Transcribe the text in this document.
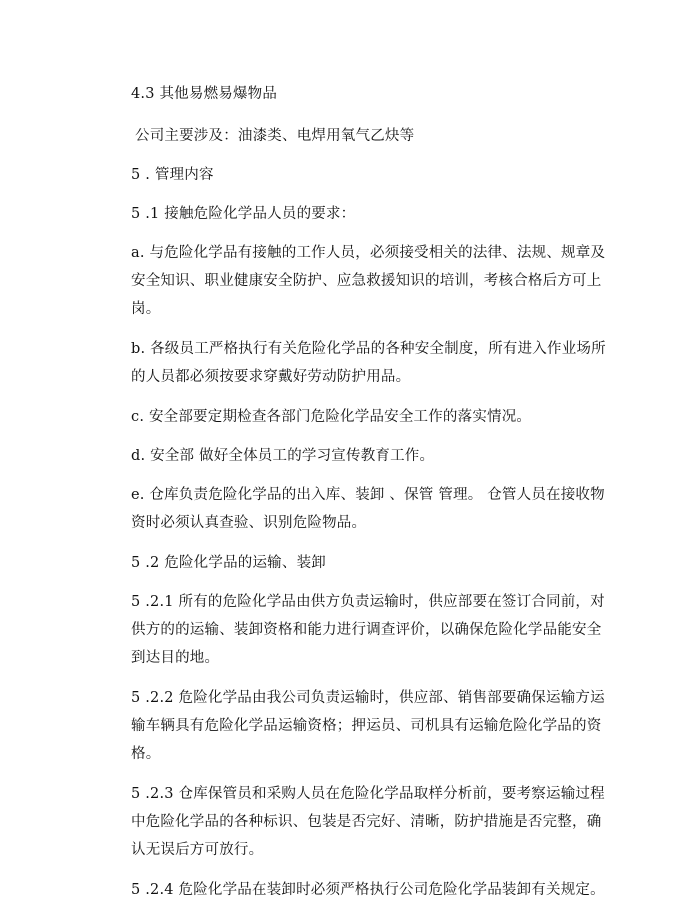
4.3 其他易燃易爆物品

公司主要涉及：油漆类、电焊用氧气乙炔等

5 . 管理内容

5 .1 接触危险化学品人员的要求：

a. 与危险化学品有接触的工作人员，必须接受相关的法律、法规、规章及安全知识、职业健康安全防护、应急救援知识的培训，考核合格后方可上岗。

b. 各级员工严格执行有关危险化学品的各种安全制度，所有进入作业场所的人员都必须按要求穿戴好劳动防护用品。

c. 安全部要定期检查各部门危险化学品安全工作的落实情况。

d. 安全部 做好全体员工的学习宣传教育工作。

e. 仓库负责危险化学品的出入库、装卸 、保管 管理。 仓管人员在接收物资时必须认真查验、识别危险物品。

5 .2 危险化学品的运输、装卸

5 .2.1 所有的危险化学品由供方负责运输时，供应部要在签订合同前，对供方的的运输、装卸资格和能力进行调查评价，以确保危险化学品能安全到达目的地。

5 .2.2 危险化学品由我公司负责运输时，供应部、销售部要确保运输方运输车辆具有危险化学品运输资格；押运员、司机具有运输危险化学品的资格。

5 .2.3 仓库保管员和采购人员在危险化学品取样分析前，要考察运输过程中危险化学品的各种标识、包装是否完好、清晰，防护措施是否完整，确认无误后方可放行。

5 .2.4 危险化学品在装卸时必须严格执行公司危险化学品装卸有关规定。
